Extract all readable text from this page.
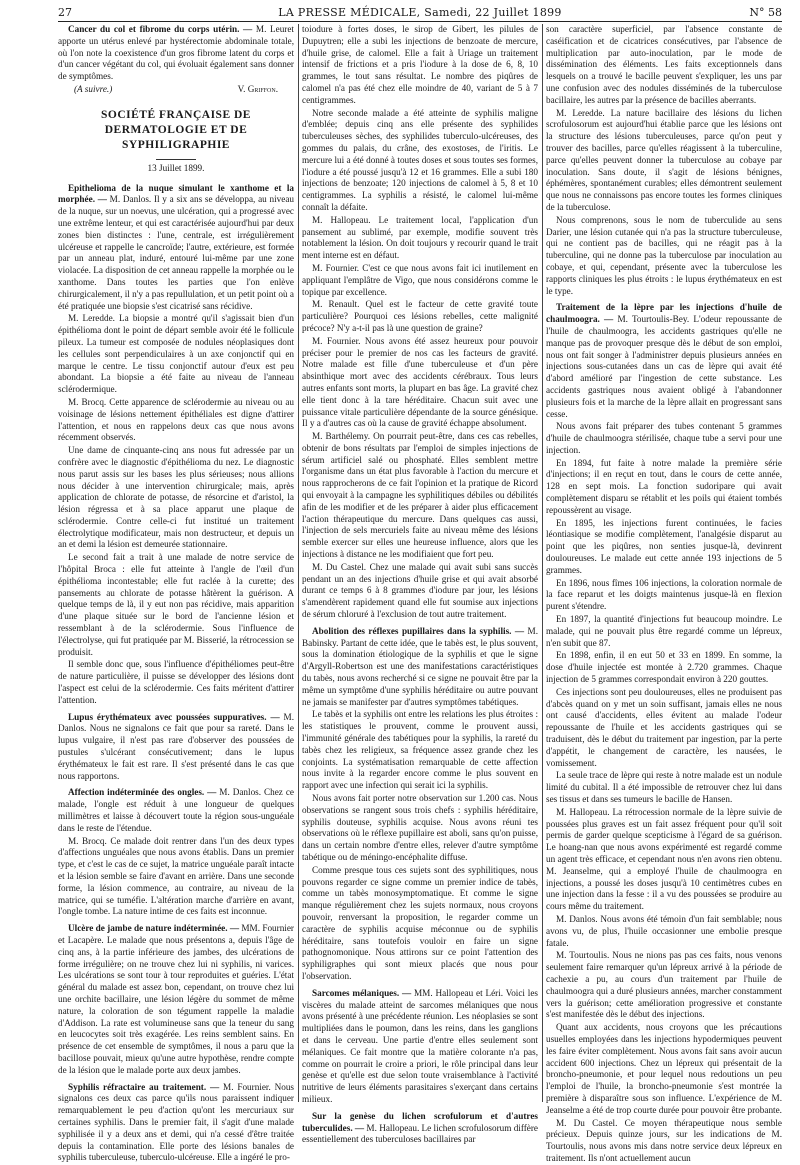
27	LA PRESSE MÉDICALE, Samedi, 22 Juillet 1899	N° 58

Cancer du col et fibrome du corps utérin. — M. Leuret apporte un utérus enlevé par hystérectomie abdominale totale, où l'on note la coexistence d'un gros fibrome latent du corps et d'un cancer végétant du col, qui évoluait également sans donner de symptômes.

(A suivre.)	V. Griffon.
SOCIÉTÉ FRANÇAISE DE DERMATOLOGIE ET DE SYPHILIGRAPHIE
13 Juillet 1899.

Epithelioma de la nuque simulant le xanthome et la morphée. — M. Danlos. Il y a six ans se développa, au niveau de la nuque, sur un noevus, une ulcération, qui a progressé avec une extrême lenteur, et qui est caractérisée aujourd'hui par deux zones bien distinctes : l'une, centrale, est irrégulièrement ulcéreuse et rappelle le cancroïde; l'autre, extérieure, est formée par un anneau plat, induré, entouré lui-même par une zone violacée. La disposition de cet anneau rappelle la morphée ou le xanthome. Dans toutes les parties que l'on enlève chirurgicalement, il n'y a pas repullulation, et un petit point où a été pratiquée une biopsie s'est cicatrisé sans récidive.

M. Leredde. La biopsie a montré qu'il s'agissait bien d'un épithélioma dont le point de départ semble avoir été le follicule pileux. La tumeur est composée de nodules néoplasiques dont les cellules sont perpendiculaires à un axe conjonctif qui en marque le centre. Le tissu conjonctif autour d'eux est peu abondant. La biopsie a été faite au niveau de l'anneau sclérodermique.

M. Brocq. Cette apparence de sclérodermie au niveau ou au voisinage de lésions nettement épithéliales est digne d'attirer l'attention, et nous en rappelons deux cas que nous avons récemment observés.

Une dame de cinquante-cinq ans nous fut adressée par un confrère avec le diagnostic d'épithélioma du nez. Le diagnostic nous parut assis sur les bases les plus sérieuses; nous allions nous décider à une intervention chirurgicale; mais, après application de chlorate de potasse, de résorcine et d'aristol, la lésion régressa et à sa place apparut une plaque de sclérodermie. Contre celle-ci fut institué un traitement électrolytique modificateur, mais non destructeur, et depuis un an et demi la lésion est demeurée stationnaire.

Le second fait a trait à une malade de notre service de l'hôpital Broca : elle fut atteinte à l'angle de l'œil d'un épithélioma incontestable; elle fut raclée à la curette; des pansements au chlorate de potasse hâtèrent la guérison. A quelque temps de là, il y eut non pas récidive, mais apparition d'une plaque située sur le bord de l'ancienne lésion et ressemblant à de la sclérodermie. Sous l'influence de l'électrolyse, qui fut pratiquée par M. Bisserié, la rétrocession se produisit.

Il semble donc que, sous l'influence d'épithéliomes peut-être de nature particulière, il puisse se développer des lésions dont l'aspect est celui de la sclérodermie. Ces faits méritent d'attirer l'attention.

Lupus érythémateux avec poussées suppuratives. — M. Danlos. Nous ne signalons ce fait que pour sa rareté. Dans le lupus vulgaire, il n'est pas rare d'observer des poussées de pustules s'ulcérant consécutivement; dans le lupus érythémateux le fait est rare. Il s'est présenté dans le cas que nous rapportons.

Affection indéterminée des ongles. — M. Danlos. Chez ce malade, l'ongle est réduit à une longueur de quelques millimètres et laisse à découvert toute la région sous-unguéale dans le reste de l'étendue.

M. Brocq. Ce malade doit rentrer dans l'un des deux types d'affections unguéales que nous avons établis. Dans un premier type, et c'est le cas de ce sujet, la matrice unguéale paraît intacte et la lésion semble se faire d'avant en arrière. Dans une seconde forme, la lésion commence, au contraire, au niveau de la matrice, qui se tuméfie. L'altération marche d'arrière en avant, l'ongle tombe. La nature intime de ces faits est inconnue.

Ulcère de jambe de nature indéterminée. — MM. Fournier et Lacapère. Le malade que nous présentons a, depuis l'âge de cinq ans, à la partie inférieure des jambes, des ulcérations de forme irrégulière; on ne trouve chez lui ni syphilis, ni varices. Les ulcérations se sont tour à tour reproduites et guéries. L'état général du malade est assez bon, cependant, on trouve chez lui une orchite bacillaire, une lésion légère du sommet de même nature, la coloration de son tégument rappelle la maladie d'Addison. La rate est volumineuse sans que la teneur du sang en leucocytes soit très exagérée. Les reins semblent sains. En présence de cet ensemble de symptômes, il nous a paru que la bacillose pouvait, mieux qu'une autre hypothèse, rendre compte de la lésion que le malade porte aux deux jambes.

Syphilis réfractaire au traitement. — M. Fournier. Nous signalons ces deux cas parce qu'ils nous paraissent indiquer remarquablement le peu d'action qu'ont les mercuriaux sur certaines syphilis. Dans le premier fait, il s'agit d'une malade syphilisée il y a deux ans et demi, qui n'a cessé d'être traitée depuis la contamination. Elle porte des lésions banales de syphilis tuberculeuse, tuberculo-ulcéreuse. Elle a ingéré le pro-

toiodure à fortes doses, le sirop de Gibert, les pilules de Dupuytren; elle a subi les injections de benzoate de mercure, d'huile grise, de calomel. Elle a fait à Uriage un traitement intensif de frictions et a pris l'iodure à la dose de 6, 8, 10 grammes, le tout sans résultat. Le nombre des piqûres de calomel n'a pas été chez elle moindre de 40, variant de 5 à 7 centigrammes.

Notre seconde malade a été atteinte de syphilis maligne d'emblée; depuis cinq ans elle présente des syphilides tuberculeuses sèches, des syphilides tuberculo-ulcéreuses, des gommes du palais, du crâne, des exostoses, de l'iritis. Le mercure lui a été donné à toutes doses et sous toutes ses formes, l'iodure a été poussé jusqu'à 12 et 16 grammes. Elle a subi 180 injections de benzoate; 120 injections de calomel à 5, 8 et 10 centigrammes. La syphilis a résisté, le calomel lui-même connaît la défaite.

M. Hallopeau. Le traitement local, l'application d'un pansement au sublimé, par exemple, modifie souvent très notablement la lésion. On doit toujours y recourir quand le trait ment interne est en défaut.

M. Fournier. C'est ce que nous avons fait ici inutilement en appliquant l'emplâtre de Vigo, que nous considérons comme le topique par excellence.

M. Renault. Quel est le facteur de cette gravité toute particulière? Pourquoi ces lésions rebelles, cette malignité précoce? N'y a-t-il pas là une question de graine?

M. Fournier. Nous avons été assez heureux pour pouvoir préciser pour le premier de nos cas les facteurs de gravité. Notre malade est fille d'une tuberculeuse et d'un père absinthique mort avec des accidents cérébraux. Tous leurs autres enfants sont morts, la plupart en bas âge. La gravité chez elle tient donc à la tare héréditaire. Chacun suit avec une puissance vitale particulière dépendante de la source génésique. Il y a d'autres cas où la cause de gravité échappe absolument.

M. Barthélemy. On pourrait peut-être, dans ces cas rebelles, obtenir de bons résultats par l'emploi de simples injections de sérum artificiel salé ou phosphaté. Elles semblent mettre l'organisme dans un état plus favorable à l'action du mercure et nous rapprocherons de ce fait l'opinion et la pratique de Ricord qui envoyait à la campagne les syphilitiques débiles ou débilités afin de les modifier et de les préparer à aider plus efficacement l'action thérapeutique du mercure. Dans quelques cas aussi, l'injection de sels mercuriels faite au niveau même des lésions semble exercer sur elles une heureuse influence, alors que les injections à distance ne les modifiaient que fort peu.

M. Du Castel. Chez une malade qui avait subi sans succès pendant un an des injections d'huile grise et qui avait absorbé durant ce temps 6 à 8 grammes d'iodure par jour, les lésions s'amendèrent rapidement quand elle fut soumise aux injections de sérum chloruré à l'exclusion de tout autre traitement.

Abolition des réflexes pupillaires dans la syphilis. — M. Babinsky. Partant de cette idée, que le tabès est, le plus souvent, sous la domination étiologique de la syphilis et que le signe d'Argyll-Robertson est une des manifestations caractéristiques du tabès, nous avons recherché si ce signe ne pouvait être par la même un symptôme d'une syphilis héréditaire ou autre pouvant ne jamais se manifester par d'autres symptômes tabétiques.

Le tabès et la syphilis ont entre les relations les plus étroites : les statistiques le prouvent, comme le prouvent aussi, l'immunité générale des tabétiques pour la syphilis, la rareté du tabès chez les religieux, sa fréquence assez grande chez les conjoints. La systématisation remarquable de cette affection nous invite à la regarder encore comme le plus souvent en rapport avec une infection qui serait ici la syphilis.

Nous avons fait porter notre observation sur 1.200 cas. Nous observations se rangent sous trois chefs : syphilis héréditaire, syphilis douteuse, syphilis acquise. Nous avons réuni tes observations où le réflexe pupillaire est aboli, sans qu'on puisse, dans un certain nombre d'entre elles, relever d'autre symptôme tabétique ou de méningo-encéphalite diffuse.

Comme presque tous ces sujets sont des syphilitiques, nous pouvons regarder ce signe comme un premier indice de tabès, comme un tabès monosymptomatique. Et comme le signe manque régulièrement chez les sujets normaux, nous croyons pouvoir, renversant la proposition, le regarder comme un caractère de syphilis acquise méconnue ou de syphilis héréditaire, sans toutefois vouloir en faire un signe pathognomonique. Nous attirons sur ce point l'attention des syphiligraphes qui sont mieux placés que nous pour l'observation.

Sarcomes mélaniques. — MM. Hallopeau et Léri. Voici les viscères du malade atteint de sarcomes mélaniques que nous avons présenté à une précédente réunion. Les néoplasies se sont multipliées dans le poumon, dans les reins, dans les ganglions et dans le cerveau. Une partie d'entre elles seulement sont mélaniques. Ce fait montre que la matière colorante n'a pas, comme on pourrait le croire a priori, le rôle principal dans leur genèse et qu'elle est due selon toute vraisemblance à l'activité nutritive de leurs éléments parasitaires s'exerçant dans certains milieux.

Sur la genèse du lichen scrofulorum et d'autres tuberculides. — M. Hallopeau. Le lichen scrofulosorum diffère essentiellement des tuberculoses bacillaires par

son caractère superficiel, par l'absence constante de caséification et de cicatrices consécutives, par l'absence de multiplication par auto-inoculation, par le mode de dissémination des éléments. Les faits exceptionnels dans lesquels on a trouvé le bacille peuvent s'expliquer, les uns par une confusion avec des nodules disséminés de la tuberculose bacillaire, les autres par la présence de bacilles aberrants.

M. Leredde. La nature bacillaire des lésions du lichen scrofulosorum est aujourd'hui établie parce que les lésions ont la structure des lésions tuberculeuses, parce qu'on peut y trouver des bacilles, parce qu'elles réagissent à la tuberculine, parce qu'elles peuvent donner la tuberculose au cobaye par inoculation. Sans doute, il s'agit de lésions bénignes, éphémères, spontanément curables; elles démontrent seulement que nous ne connaissons pas encore toutes les formes cliniques de la tuberculose.

Nous comprenons, sous le nom de tuberculide au sens Darier, une lésion cutanée qui n'a pas la structure tuberculeuse, qui ne contient pas de bacilles, qui ne réagit pas à la tuberculine, qui ne donne pas la tuberculose par inoculation au cobaye, et qui, cependant, présente avec la tuberculose les rapports cliniques les plus étroits : le lupus érythémateux en est le type.

Traitement de la lèpre par les injections d'huile de chaulmoogra. — M. Tourtoulis-Bey. L'odeur repoussante de l'huile de chaulmoogra, les accidents gastriques qu'elle ne manque pas de provoquer presque dès le début de son emploi, nous ont fait songer à l'administrer depuis plusieurs années en injections sous-cutanées dans un cas de lèpre qui avait été d'abord amélioré par l'ingestion de cette substance. Les accidents gastriques nous avaient obligé à l'abandonner plusieurs fois et la marche de la lèpre allait en progressant sans cesse.

Nous avons fait préparer des tubes contenant 5 grammes d'huile de chaulmoogra stérilisée, chaque tube a servi pour une injection.

En 1894, fut faite à notre malade la première série d'injections; il en reçut en tout, dans le cours de cette année, 128 en sept mois. La fonction sudoripare qui avait complètement disparu se rétablit et les poils qui étaient tombés repoussèrent au visage.

En 1895, les injections furent continuées, le facies léontiasique se modifie complètement, l'analgésie disparut au point que les piqûres, non senties jusque-là, devinrent douloureuses. Le malade eut cette année 193 injections de 5 grammes.

En 1896, nous fîmes 106 injections, la coloration normale de la face reparut et les doigts maintenus jusque-là en flexion purent s'étendre.

En 1897, la quantité d'injections fut beaucoup moindre. Le malade, qui ne pouvait plus être regardé comme un lépreux, n'en subit que 87.

En 1898, enfin, il en eut 50 et 33 en 1899. En somme, la dose d'huile injectée est montée à 2.720 grammes. Chaque injection de 5 grammes correspondait environ à 220 gouttes.

Ces injections sont peu douloureuses, elles ne produisent pas d'abcès quand on y met un soin suffisant, jamais elles ne nous ont causé d'accidents, elles évitent au malade l'odeur repoussante de l'huile et les accidents gastriques qui se traduisent, dès le début du traitement par ingestion, par la perte d'appétit, le changement de caractère, les nausées, le vomissement.

La seule trace de lèpre qui reste à notre malade est un nodule limité du cubital. Il a été impossible de retrouver chez lui dans ses tissus et dans ses tumeurs le bacille de Hansen.

M. Hallopeau. La rétrocession normale de la lèpre suivie de poussées plus graves est un fait assez fréquent pour qu'il soit permis de garder quelque scepticisme à l'égard de sa guérison. Le hoang-nan que nous avons expérimenté est regardé comme un agent très efficace, et cependant nous n'en avons rien obtenu. M. Jeanselme, qui a employé l'huile de chaulmoogra en injections, a poussé les doses jusqu'à 10 centimètres cubes en une injection dans la fesse : il a vu des poussées se produire au cours même du traitement.

M. Danlos. Nous avons été témoin d'un fait semblable; nous avons vu, de plus, l'huile occasionner une embolie presque fatale.

M. Tourtoulis. Nous ne nions pas pas ces faits, nous venons seulement faire remarquer qu'un lépreux arrivé à la période de cachexie a pu, au cours d'un traitement par l'huile de chaulmoogra qui a duré plusieurs années, marcher constamment vers la guérison; cette amélioration progressive et constante s'est manifestée dès le début des injections.

Quant aux accidents, nous croyons que les précautions usuelles employées dans les injections hypodermiques peuvent les faire éviter complètement. Nous avons fait sans avoir aucun accident 600 injections. Chez un lépreux qui présentait de la broncho-pneumonie, et pour lequel nous redoutions un peu l'emploi de l'huile, la broncho-pneumonie s'est montrée la première à disparaître sous son influence. L'expérience de M. Jeanselme a été de trop courte durée pour pouvoir être probante.

M. Du Castel. Ce moyen thérapeutique nous semble précieux. Depuis quinze jours, sur les indications de M. Tourtoulis, nous avons mis dans notre service deux lépreux en traitement. Ils n'ont actuellement aucun
